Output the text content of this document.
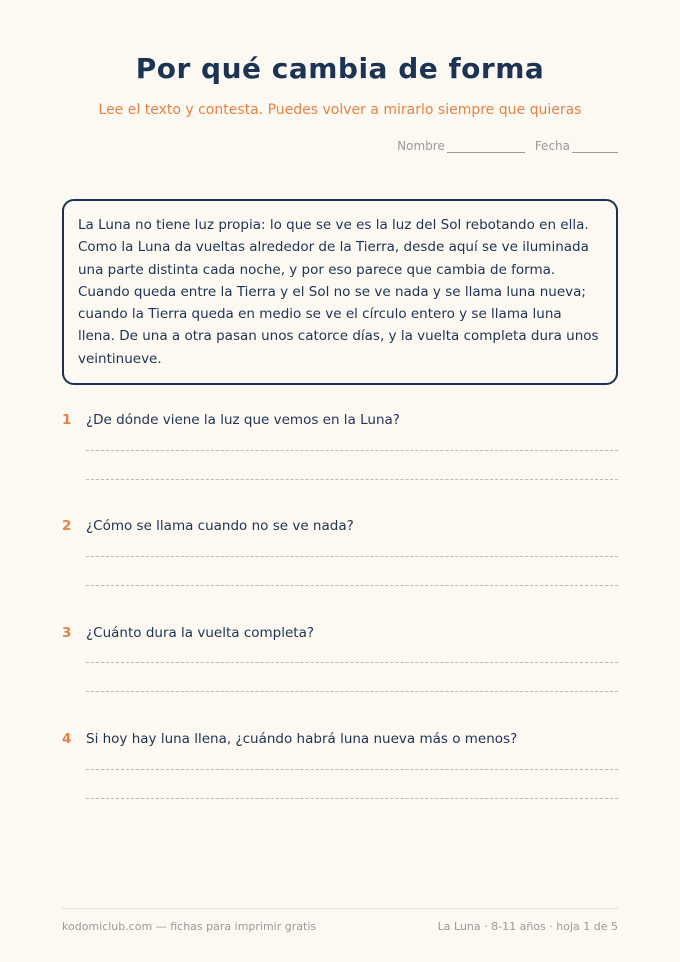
Por qué cambia de forma
Lee el texto y contesta. Puedes volver a mirarlo siempre que quieras
Nombre	Fecha

La Luna no tiene luz propia: lo que se ve es la luz del Sol rebotando en ella. Como la Luna da vueltas alrededor de la Tierra, desde aquí se ve iluminada una parte distinta cada noche, y por eso parece que cambia de forma. Cuando queda entre la Tierra y el Sol no se ve nada y se llama luna nueva; cuando la Tierra queda en medio se ve el círculo entero y se llama luna llena. De una a otra pasan unos catorce días, y la vuelta completa dura unos veintinueve.

1	¿De dónde viene la luz que vemos en la Luna?
2	¿Cómo se llama cuando no se ve nada?
3	¿Cuánto dura la vuelta completa?
4	Si hoy hay luna llena, ¿cuándo habrá luna nueva más o menos?
kodomiclub.com — fichas para imprimir gratis	La Luna · 8-11 años · hoja 1 de 5
